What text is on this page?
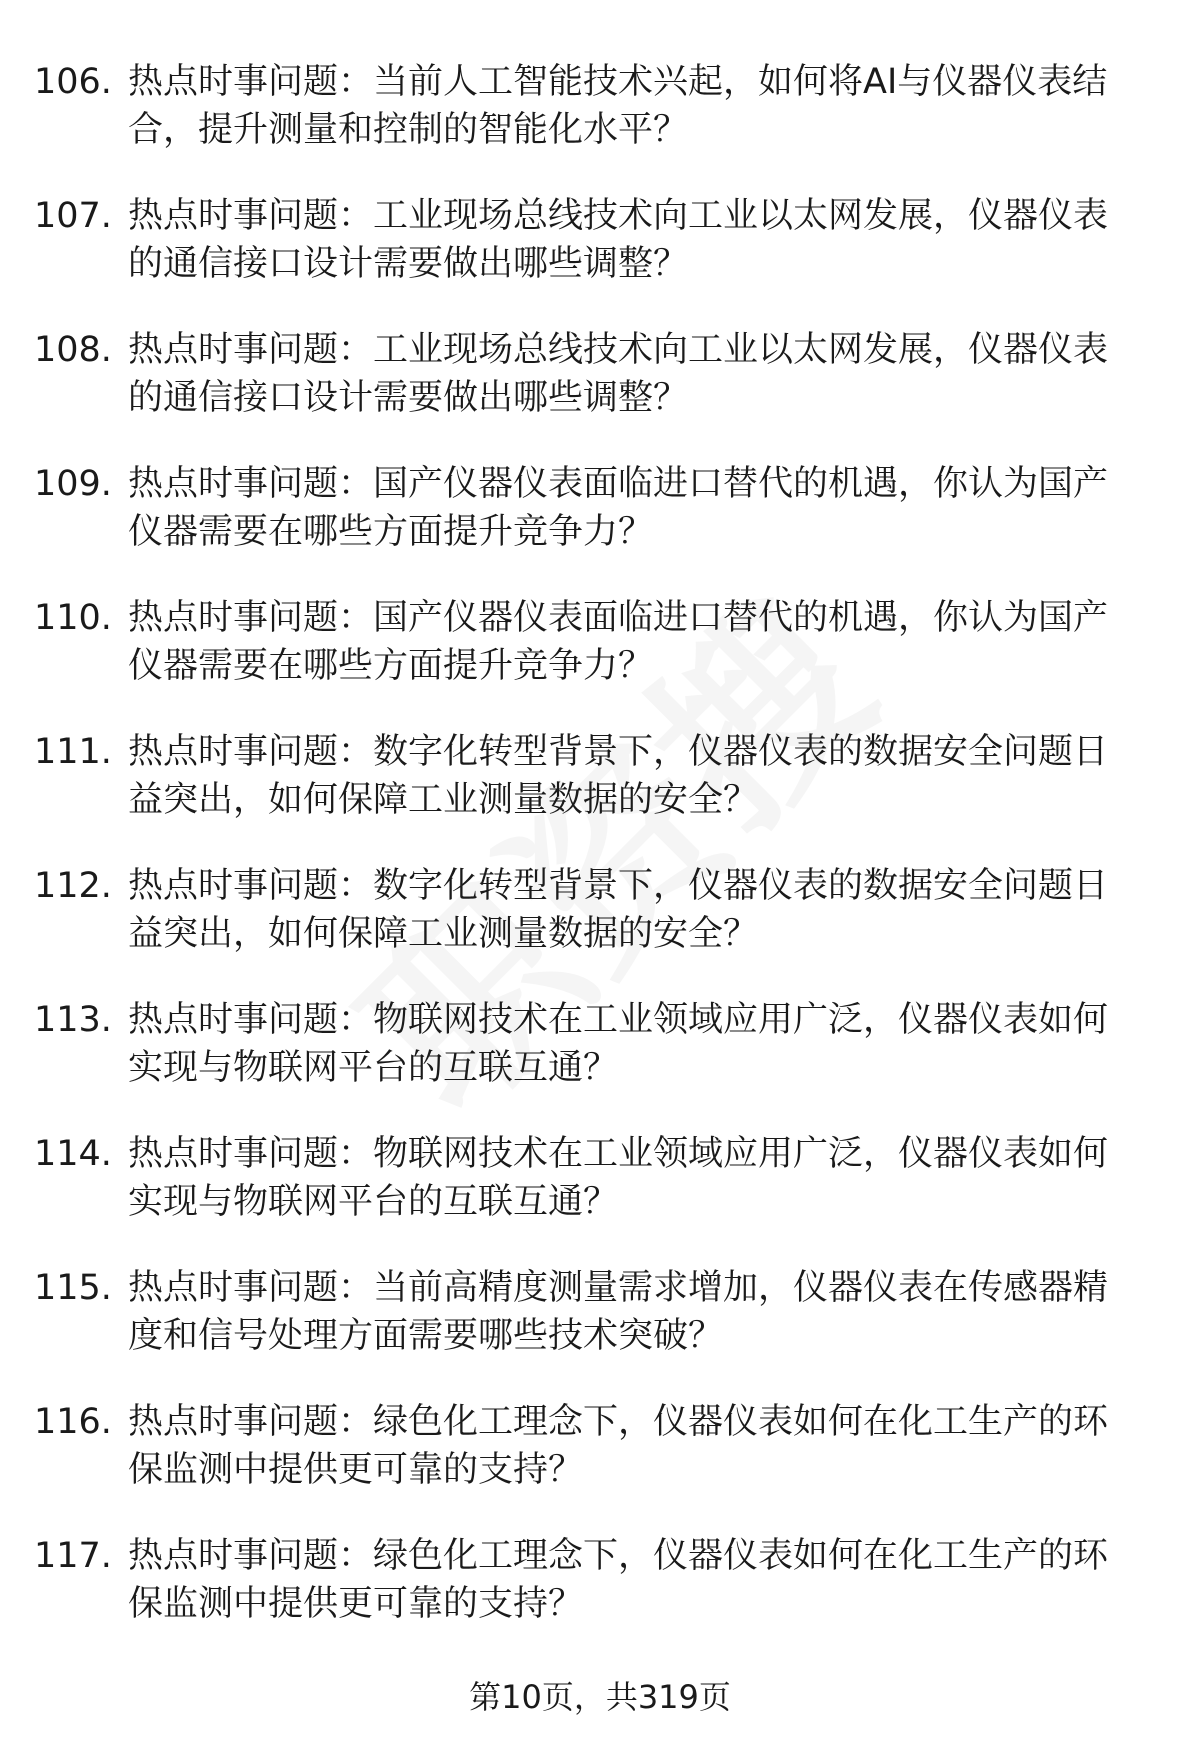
106. 热点时事问题：当前人工智能技术兴起，如何将AI与仪器仪表结合，提升测量和控制的智能化水平？
107. 热点时事问题：工业现场总线技术向工业以太网发展，仪器仪表的通信接口设计需要做出哪些调整？
108. 热点时事问题：工业现场总线技术向工业以太网发展，仪器仪表的通信接口设计需要做出哪些调整？
109. 热点时事问题：国产仪器仪表面临进口替代的机遇，你认为国产仪器需要在哪些方面提升竞争力？
110. 热点时事问题：国产仪器仪表面临进口替代的机遇，你认为国产仪器需要在哪些方面提升竞争力？
111. 热点时事问题：数字化转型背景下，仪器仪表的数据安全问题日益突出，如何保障工业测量数据的安全？
112. 热点时事问题：数字化转型背景下，仪器仪表的数据安全问题日益突出，如何保障工业测量数据的安全？
113. 热点时事问题：物联网技术在工业领域应用广泛，仪器仪表如何实现与物联网平台的互联互通？
114. 热点时事问题：物联网技术在工业领域应用广泛，仪器仪表如何实现与物联网平台的互联互通？
115. 热点时事问题：当前高精度测量需求增加，仪器仪表在传感器精度和信号处理方面需要哪些技术突破？
116. 热点时事问题：绿色化工理念下，仪器仪表如何在化工生产的环保监测中提供更可靠的支持？
117. 热点时事问题：绿色化工理念下，仪器仪表如何在化工生产的环保监测中提供更可靠的支持？
第10页，共319页
